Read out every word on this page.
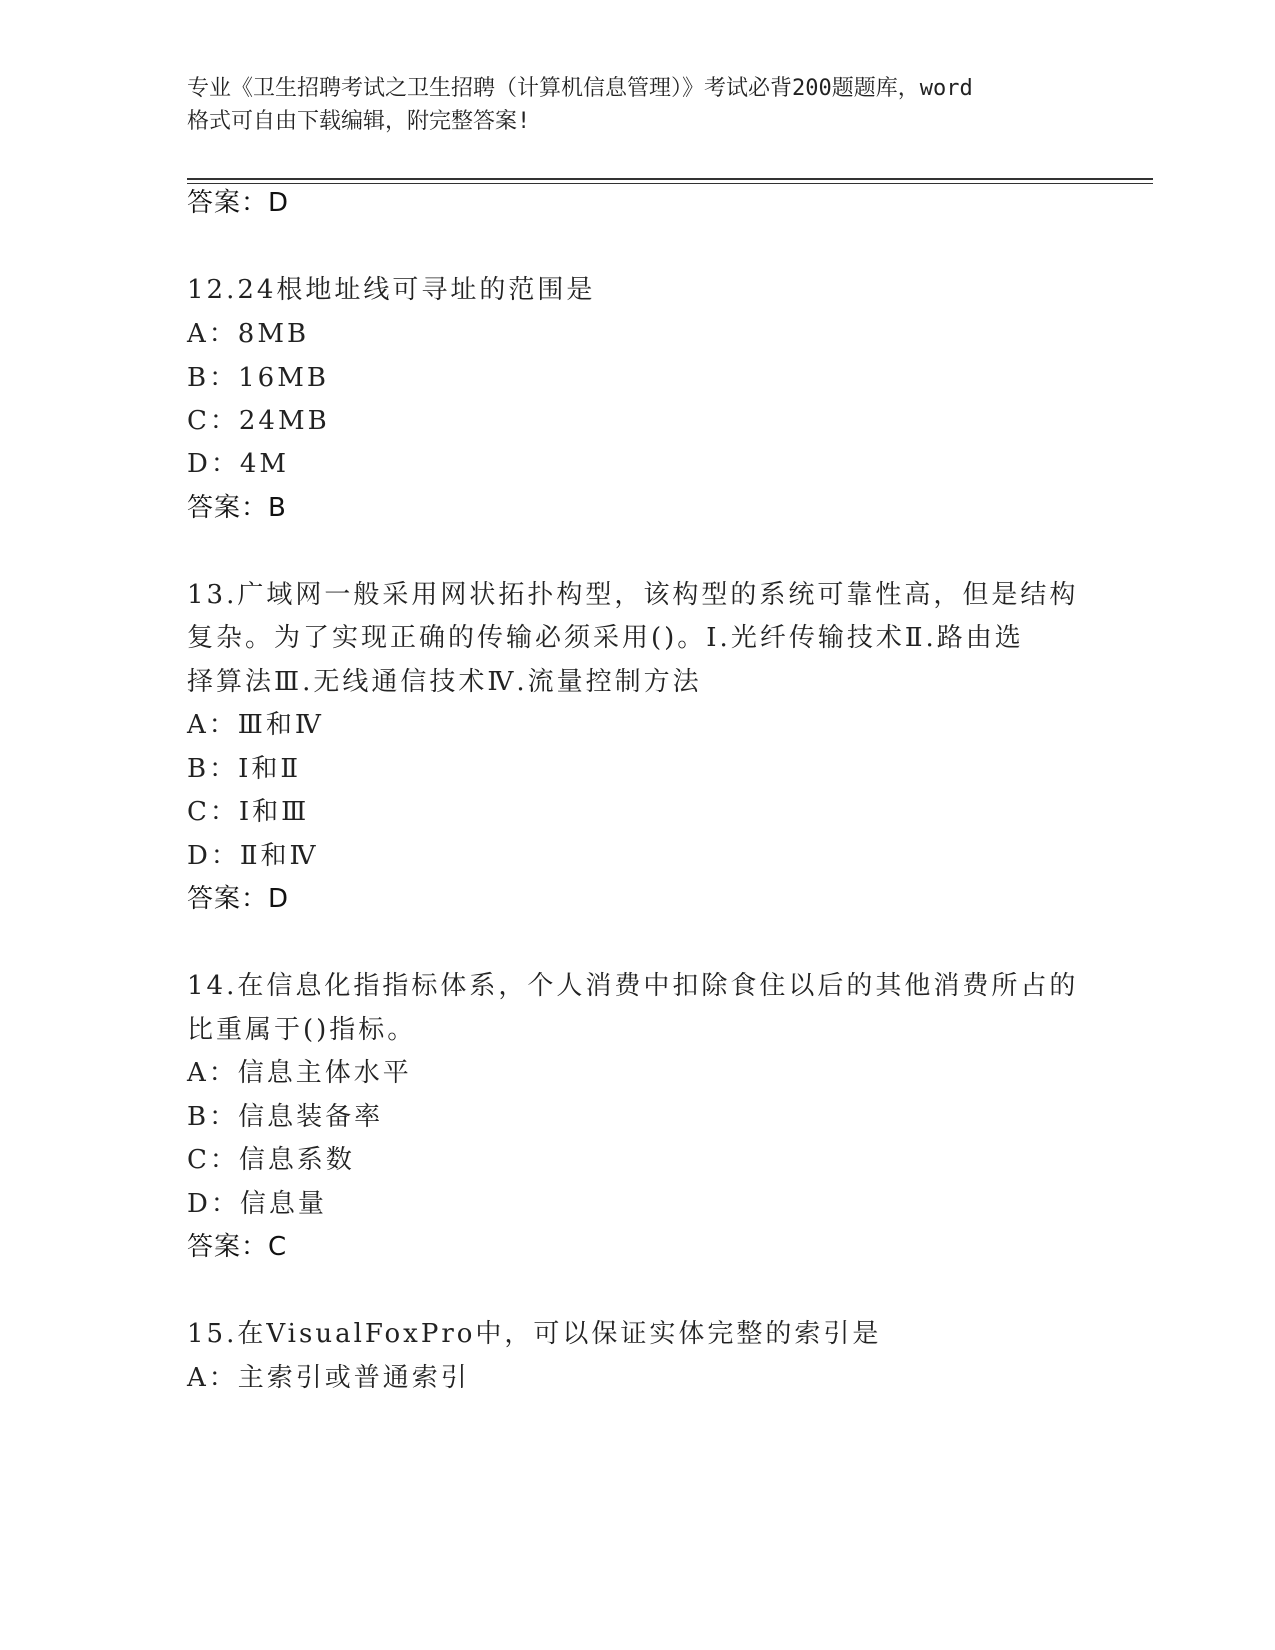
专业《卫生招聘考试之卫生招聘（计算机信息管理）》考试必背200题题库，word
格式可自由下载编辑，附完整答案!
答案：D
12.24根地址线可寻址的范围是
A：8MB
B：16MB
C：24MB
D：4M
答案：B
13.广域网一般采用网状拓扑构型，该构型的系统可靠性高，但是结构
复杂。为了实现正确的传输必须采用()。Ⅰ.光纤传输技术Ⅱ.路由选
择算法Ⅲ.无线通信技术Ⅳ.流量控制方法
A：Ⅲ和Ⅳ
B：Ⅰ和Ⅱ
C：Ⅰ和Ⅲ
D：Ⅱ和Ⅳ
答案：D
14.在信息化指指标体系，个人消费中扣除食住以后的其他消费所占的
比重属于()指标。
A：信息主体水平
B：信息装备率
C：信息系数
D：信息量
答案：C
15.在VisualFoxPro中，可以保证实体完整的索引是
A：主索引或普通索引
